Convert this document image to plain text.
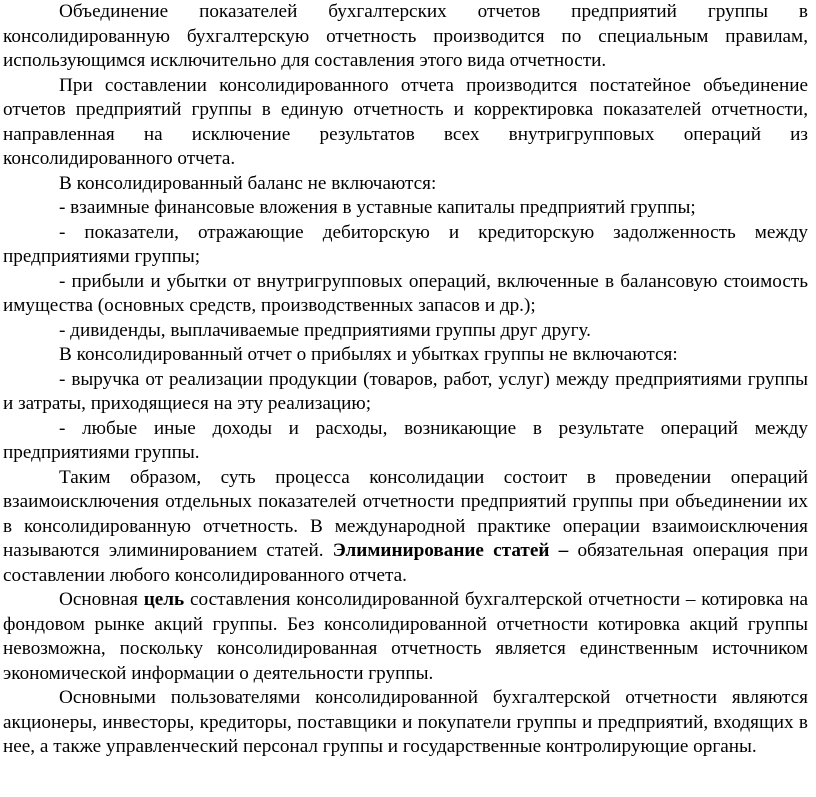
Объединение показателей бухгалтерских отчетов предприятий группы в консолидированную бухгалтерскую отчетность производится по специальным правилам, использующимся исключительно для составления этого вида отчетности.

При составлении консолидированного отчета производится постатейное объединение отчетов предприятий группы в единую отчетность и корректировка показателей отчетности, направленная на исключение результатов всех внутригрупповых операций из консолидированного отчета.

В консолидированный баланс не включаются:

- взаимные финансовые вложения в уставные капиталы предприятий группы;

- показатели, отражающие дебиторскую и кредиторскую задолженность между предприятиями группы;

- прибыли и убытки от внутригрупповых операций, включенные в балансовую стоимость имущества (основных средств, производственных запасов и др.);

- дивиденды, выплачиваемые предприятиями группы друг другу.

В консолидированный отчет о прибылях и убытках группы не включаются:

- выручка от реализации продукции (товаров, работ, услуг) между предприятиями группы и затраты, приходящиеся на эту реализацию;

- любые иные доходы и расходы, возникающие в результате операций между предприятиями группы.

Таким образом, суть процесса консолидации состоит в проведении операций взаимоисключения отдельных показателей отчетности предприятий группы при объединении их в консолидированную отчетность. В международной практике операции взаимоисключения называются элиминированием статей. Элиминирование статей – обязательная операция при составлении любого консолидированного отчета.

Основная цель составления консолидированной бухгалтерской отчетности – котировка на фондовом рынке акций группы. Без консолидированной отчетности котировка акций группы невозможна, поскольку консолидированная отчетность является единственным источником экономической информации о деятельности группы.

Основными пользователями консолидированной бухгалтерской отчетности являются акционеры, инвесторы, кредиторы, поставщики и покупатели группы и предприятий, входящих в нее, а также управленческий персонал группы и государственные контролирующие органы.
